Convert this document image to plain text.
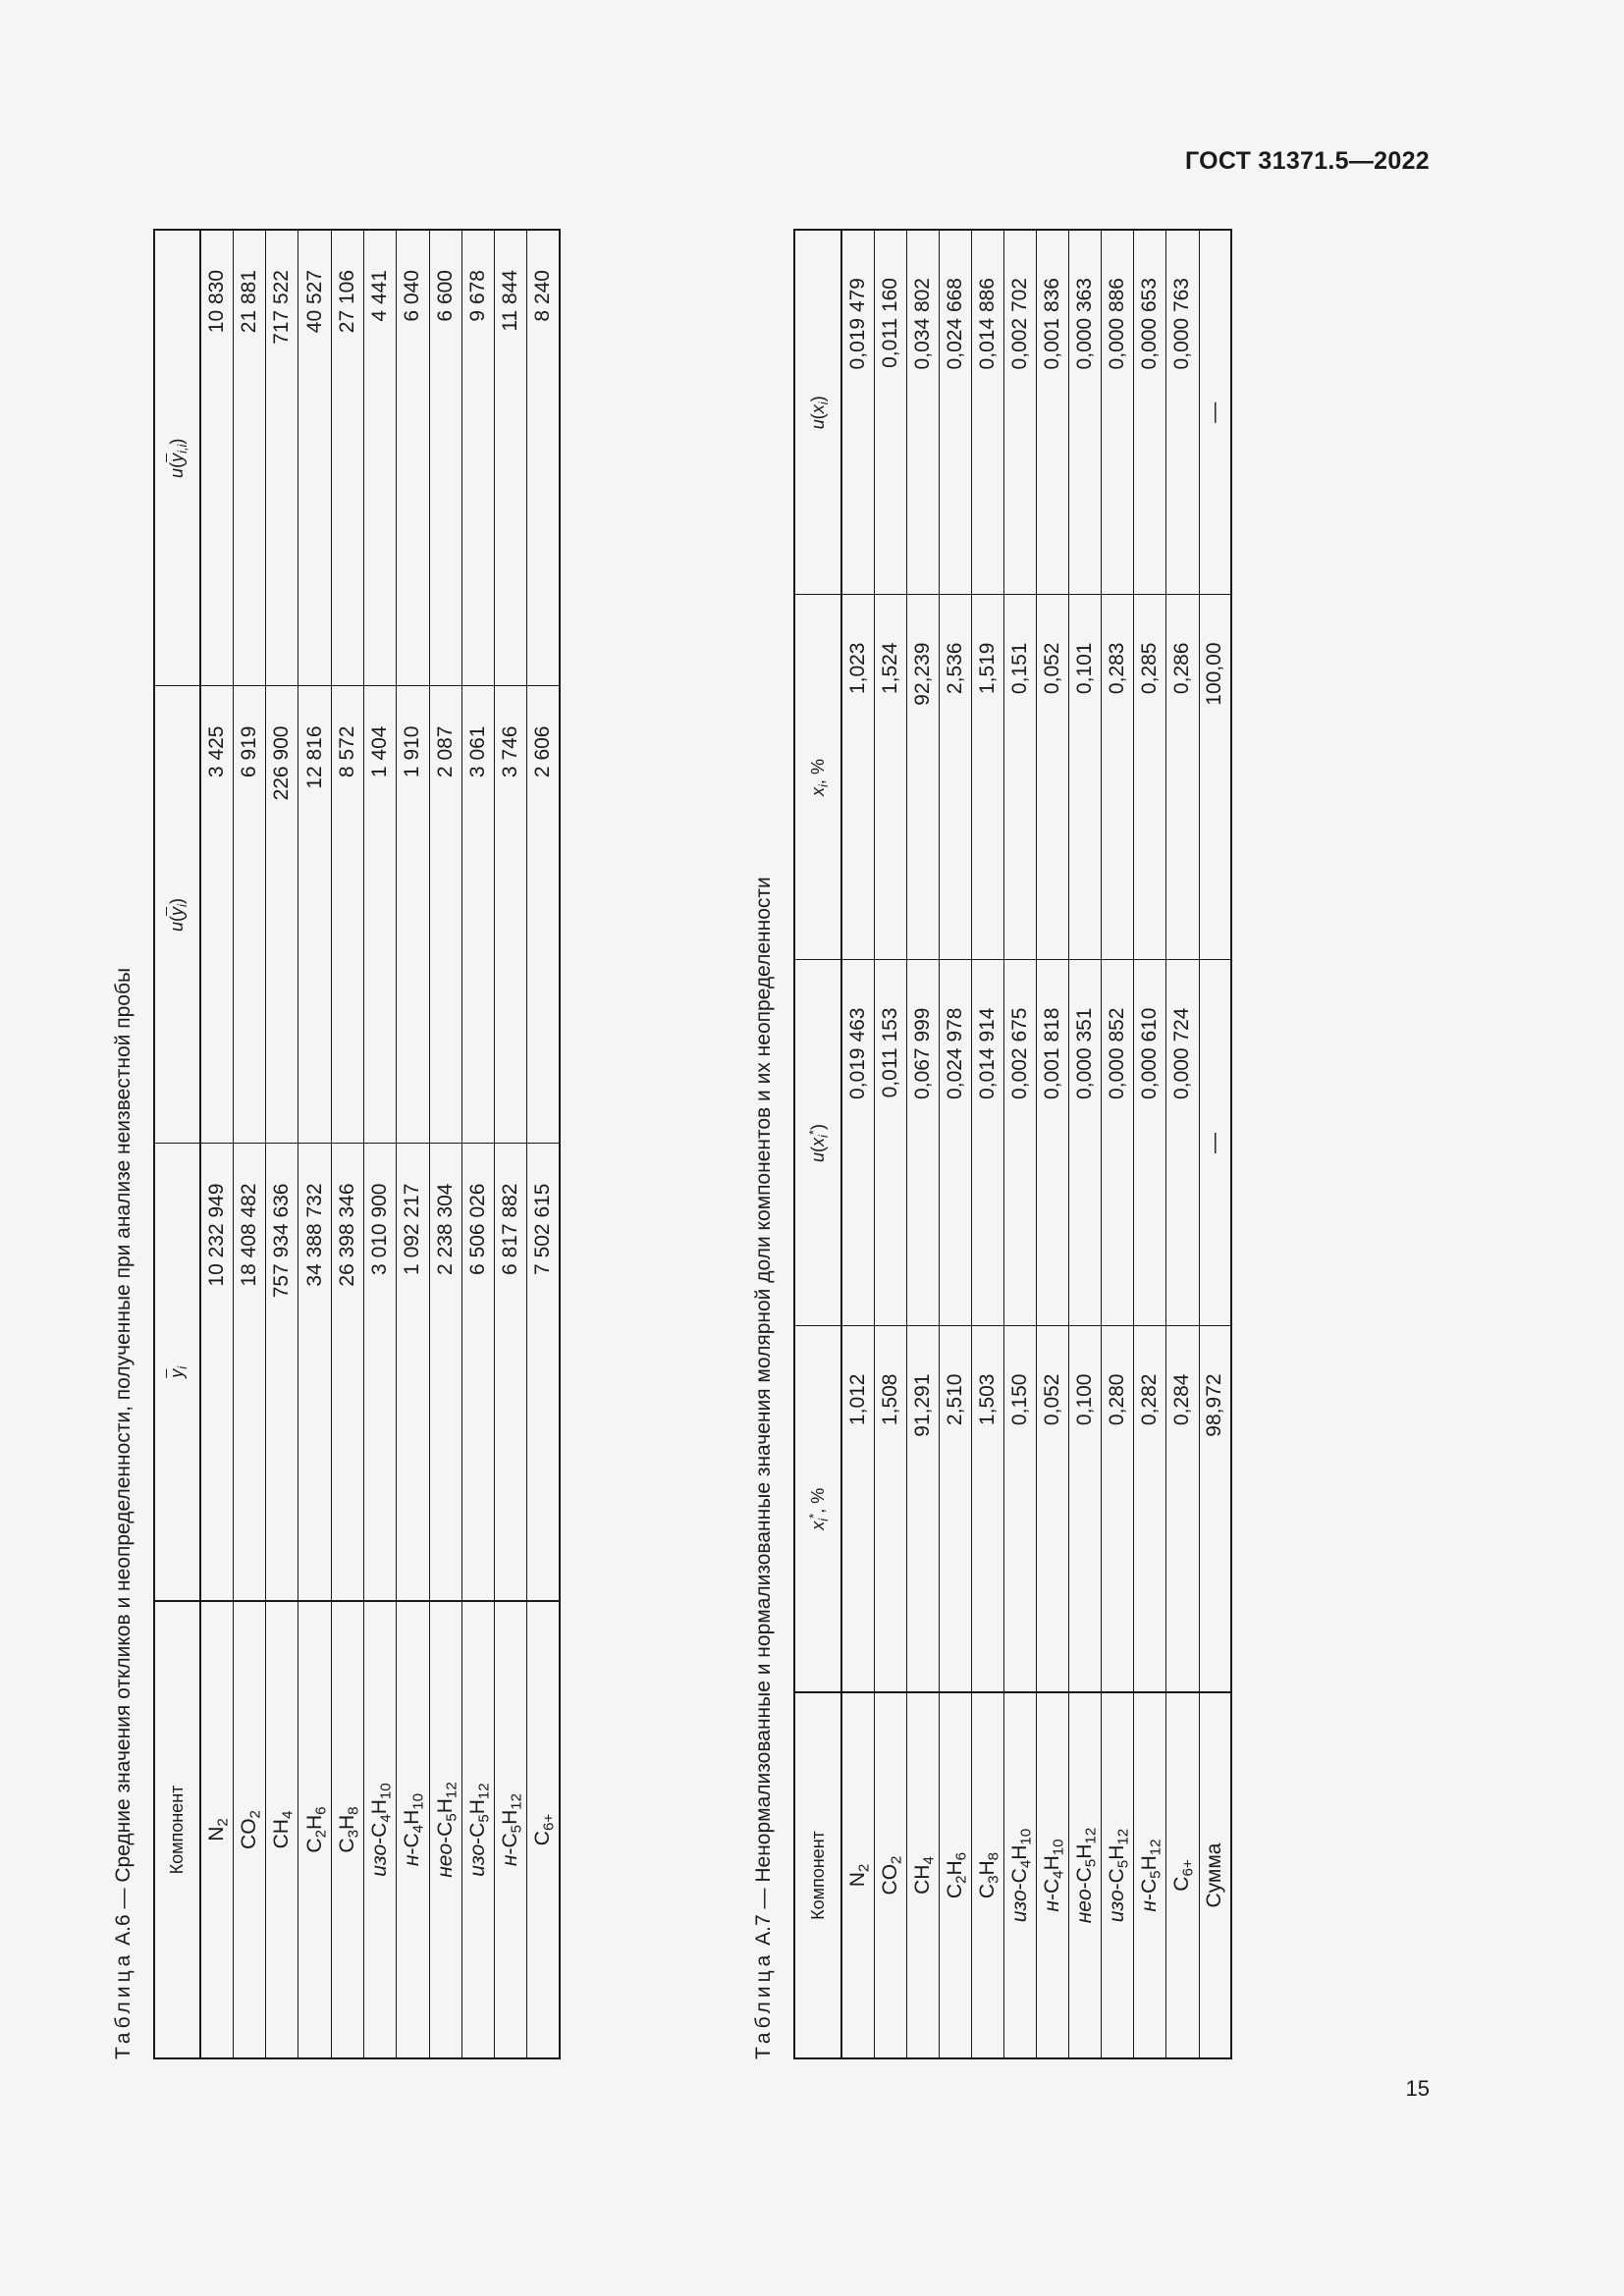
ГОСТ 31371.5—2022
Таблица А.6 — Средние значения откликов и неопределенности, полученные при анализе неизвестной пробы Компонент	$\overline{y}_i$	$u(\overline{y}_i)$	$u(\overline{y}_{i,i})$
$N_2$	10 232 949	3 425	10 830
$CO_2$	18 408 482	6 919	21 881
$CH_4$	757 934 636	226 900	717 522
$C_2H_6$	34 388 732	12 816	40 527
$C_3H_8$	26 398 346	8 572	27 106
изо-$C_4H_{10}$	3 010 900	1 404	4 441
$н-C_4H_{10}$	1 092 217	1 910	6 040
нео-$C_5H_{12}$	2 238 304	2 087	6 600
изо-$C_5H_{12}$	6 506 026	3 061	9 678
$н-C_5H_{12}$	6 817 882	3 746	11 844
$C_{6+}$	7 502 615	2 606	8 240
Таблица А.7 — Ненормализованные и нормализованные значения молярной доли компонентов и их неопределенности Компонент	$x_i^*$, %	$u(x_i^*)$	$x_i$, %	$u(x_i)$
$N_2$	1,012	0,019 463	1,023	0,019 479
$CO_2$	1,508	0,011 153	1,524	0,011 160
$CH_4$	91,291	0,067 999	92,239	0,034 802
$C_2H_6$	2,510	0,024 978	2,536	0,024 668
$C_3H_8$	1,503	0,014 914	1,519	0,014 886
изо-$C_4H_{10}$	0,150	0,002 675	0,151	0,002 702
$н-C_4H_{10}$	0,052	0,001 818	0,052	0,001 836
нео-$C_5H_{12}$	0,100	0,000 351	0,101	0,000 363
изо-$C_5H_{12}$	0,280	0,000 852	0,283	0,000 886
$н-C_5H_{12}$	0,282	0,000 610	0,285	0,000 653
$C_{6+}$	0,284	0,000 724	0,286	0,000 763
Сумма	98,972	—	100,00	—
15
